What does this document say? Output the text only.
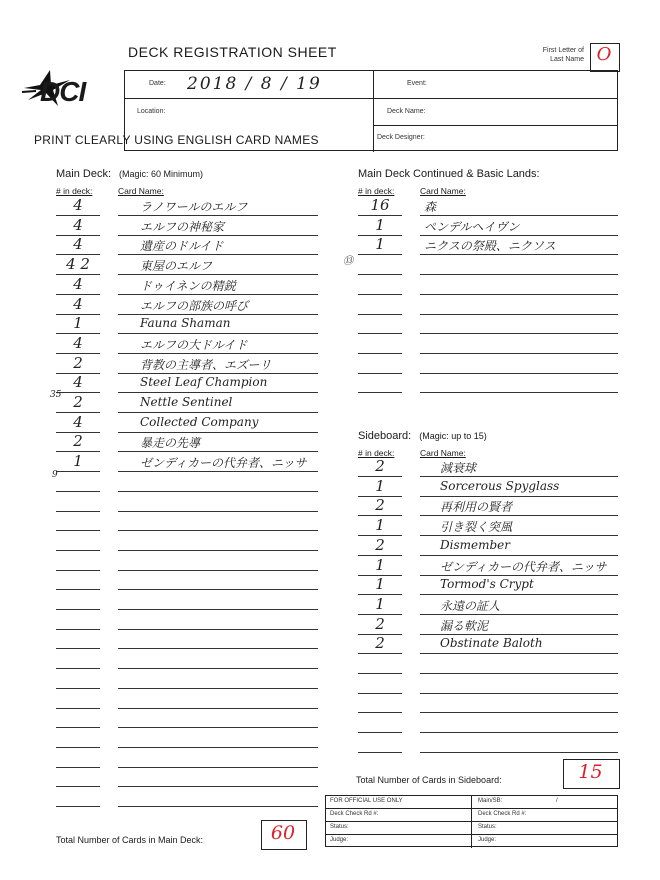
DECK REGISTRATION SHEET	First Letter of
Last Name O
DCI	Date: 2018 / 8 / 19
Location:
Event:
Deck Name:
Deck Designer:
PRINT CLEARLY USING ENGLISH CARD NAMES
Main Deck: (Magic: 60 Minimum)
# in deck:	Card Name:
4	ラノワールのエルフ
4	エルフの神秘家
4	遺産のドルイド
4 2	東屋のエルフ
4	ドゥイネンの精鋭
4	エルフの部族の呼び
1	Fauna Shaman
4	エルフの大ドルイド
2	背教の主導者、エズーリ
4	Steel Leaf Champion
2	Nettle Sentinel
4	Collected Company
2	暴走の先導
1	ゼンディカーの代弁者、ニッサ
⑬
35
9
Total Number of Cards in Main Deck:	60
Main Deck Continued & Basic Lands:
# in deck:	Card Name:
16	森
1	ペンデルヘイヴン
1	ニクスの祭殿、ニクソス
Sideboard: (Magic: up to 15)
# in deck:	Card Name:
2	減衰球
1	Sorcerous Spyglass
2	再利用の賢者
1	引き裂く突風
2	Dismember
1	ゼンディカーの代弁者、ニッサ
1	Tormod's Crypt
1	永遠の証人
2	漏る軟泥
2	Obstinate Baloth
Total Number of Cards in Sideboard:	15
FOR OFFICIAL USE ONLY	Main/SB:	/
Deck Check Rd #:	Deck Check Rd #:
Status:	Status:
Judge:	Judge:
